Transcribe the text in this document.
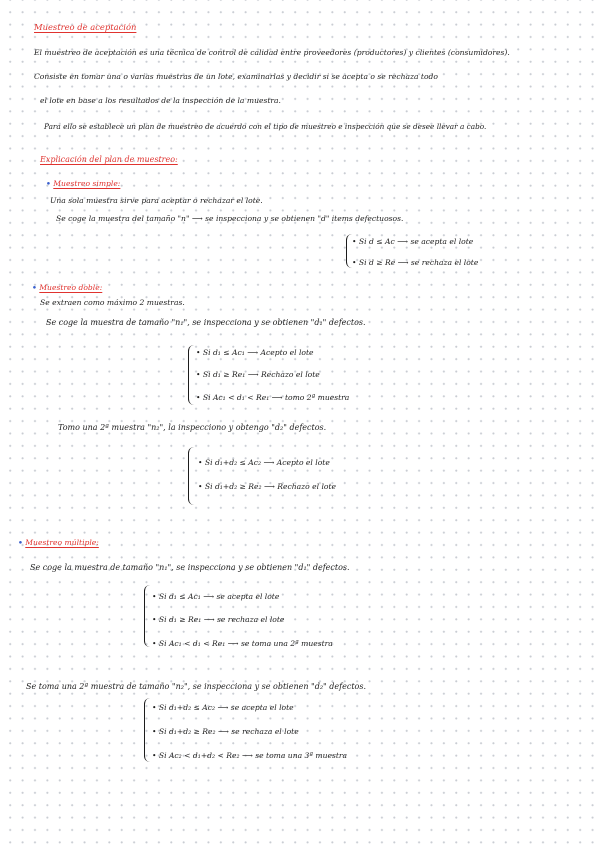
Muestreo de aceptación
El muestreo de aceptación es una técnica de control de calidad entre proveedores (productores) y clientes (consumidores).
Consiste en tomar una o varias muestras de un lote, examinarlas y decidir si se acepta o se rechaza todo
el lote en base a los resultados de la inspección de la muestra.
Para ello se establece un plan de muestreo de acuerdo con el tipo de muestreo e inspección que se desee llevar a cabo.
Explicación del plan de muestreo:
• Muestreo simple:
Una sola muestra sirve para aceptar o rechazar el lote.
Se coge la muestra del tamaño "n" ⟶ se inspecciona y se obtienen "d" items defectuosos.
• Si d ≤ Ac ⟶ se acepta el lote
• Si d ≥ Re ⟶ se rechaza el lote
• Muestreo doble:
Se extraen como máximo 2 muestras.
Se coge la muestra de tamaño "n₁", se inspecciona y se obtienen "d₁" defectos.
• Si d₁ ≤ Ac₁ ⟶ Acepto el lote
• Si d₁ ≥ Re₁ ⟶ Rechazo el lote
• Si Ac₁ < d₁ < Re₁ ⟶ tomo 2ª muestra
Tomo una 2ª muestra "n₂", la inspecciono y obtengo "d₂" defectos.
• Si d₁+d₂ ≤ Ac₂ ⟶ Acepto el lote
• Si d₁+d₂ ≥ Re₂ ⟶ Rechazo el lote
• Muestreo múltiple:
Se coge la muestra de tamaño "n₁", se inspecciona y se obtienen "d₁" defectos.
• Si d₁ ≤ Ac₁ ⟶ se acepta el lote
• Si d₁ ≥ Re₁ ⟶ se rechaza el lote
• Si Ac₁ < d₁ < Re₁ ⟶ se toma una 2ª muestra
Se toma una 2ª muestra de tamaño "n₂", se inspecciona y se obtienen "d₂" defectos.
• Si d₁+d₂ ≤ Ac₂ ⟶ se acepta el lote
• Si d₁+d₂ ≥ Re₂ ⟶ se rechaza el lote
• Si Ac₂ < d₁+d₂ < Re₂ ⟶ se toma una 3ª muestra
